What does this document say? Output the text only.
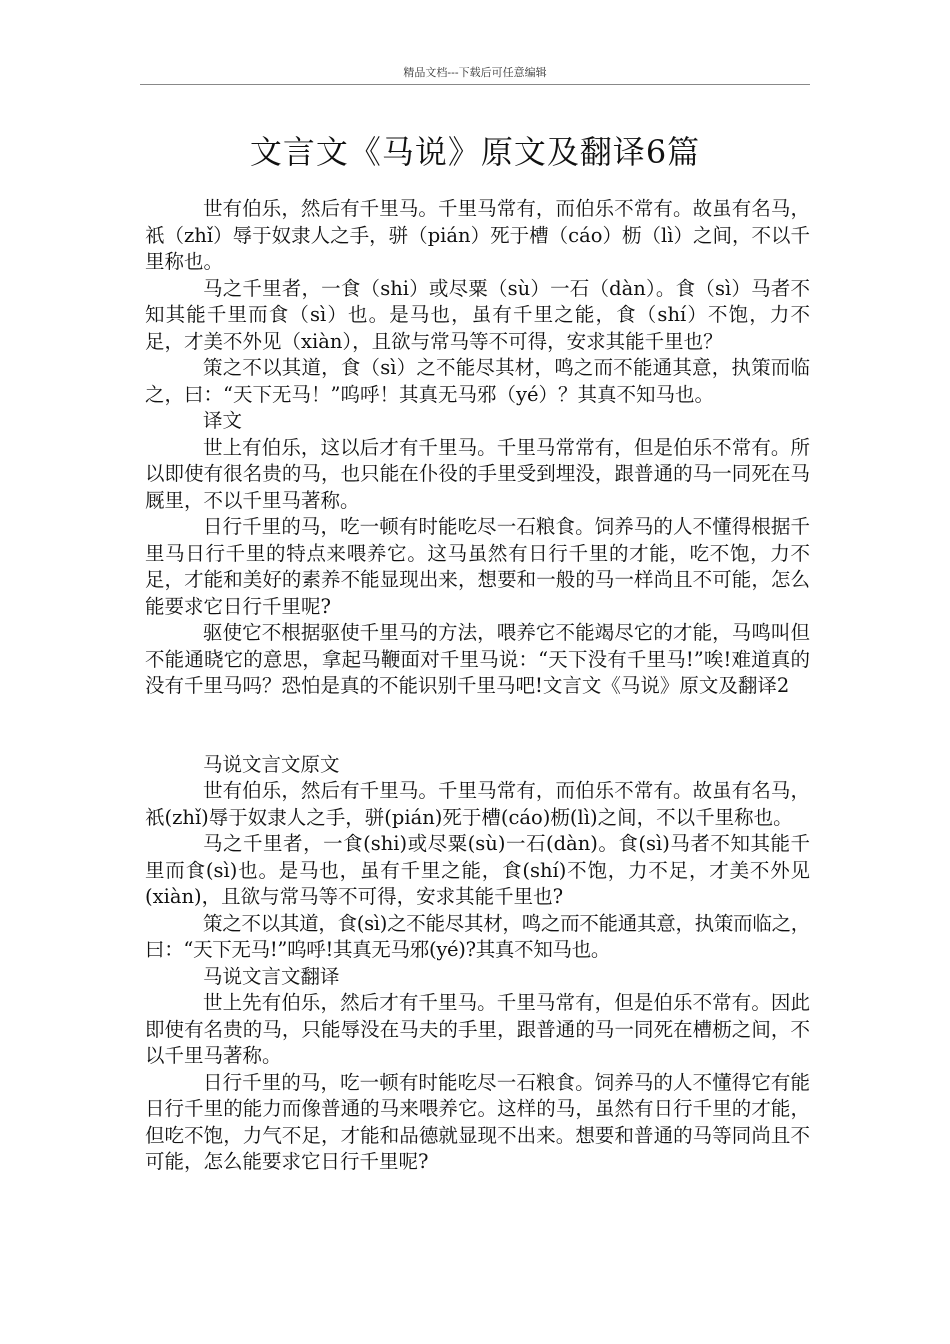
精品文档---下载后可任意编辑
文言文《马说》原文及翻译6篇

世有伯乐，然后有千里马。千里马常有，而伯乐不常有。故虽有名马，祇（zhǐ）辱于奴隶人之手，骈（pián）死于槽（cáo）枥（lì）之间，不以千里称也。

马之千里者，一食（shi）或尽粟（sù）一石（dàn）。食（sì）马者不知其能千里而食（sì）也。是马也，虽有千里之能，食（shí）不饱，力不足，才美不外见（xiàn），且欲与常马等不可得，安求其能千里也？

策之不以其道，食（sì）之不能尽其材，鸣之而不能通其意，执策而临之，曰：“天下无马！”呜呼！其真无马邪（yé）？其真不知马也。

译文

世上有伯乐，这以后才有千里马。千里马常常有，但是伯乐不常有。所以即使有很名贵的马，也只能在仆役的手里受到埋没，跟普通的马一同死在马厩里，不以千里马著称。

日行千里的马，吃一顿有时能吃尽一石粮食。饲养马的人不懂得根据千里马日行千里的特点来喂养它。这马虽然有日行千里的才能，吃不饱，力不足，才能和美好的素养不能显现出来，想要和一般的马一样尚且不可能，怎么能要求它日行千里呢?

驱使它不根据驱使千里马的方法，喂养它不能竭尽它的才能，马鸣叫但不能通晓它的意思，拿起马鞭面对千里马说：“天下没有千里马!”唉!难道真的没有千里马吗？恐怕是真的不能识别千里马吧!文言文《马说》原文及翻译2

马说文言文原文

世有伯乐，然后有千里马。千里马常有，而伯乐不常有。故虽有名马，祇(zhǐ)辱于奴隶人之手，骈(pián)死于槽(cáo)枥(lì)之间，不以千里称也。

马之千里者，一食(shi)或尽粟(sù)一石(dàn)。食(sì)马者不知其能千里而食(sì)也。是马也，虽有千里之能，食(shí)不饱，力不足，才美不外见(xiàn)，且欲与常马等不可得，安求其能千里也?

策之不以其道，食(sì)之不能尽其材，鸣之而不能通其意，执策而临之，曰：“天下无马!”呜呼!其真无马邪(yé)?其真不知马也。

马说文言文翻译

世上先有伯乐，然后才有千里马。千里马常有，但是伯乐不常有。因此即使有名贵的马，只能辱没在马夫的手里，跟普通的马一同死在槽枥之间，不以千里马著称。

日行千里的马，吃一顿有时能吃尽一石粮食。饲养马的人不懂得它有能日行千里的能力而像普通的马来喂养它。这样的马，虽然有日行千里的才能，但吃不饱，力气不足，才能和品德就显现不出来。想要和普通的马等同尚且不可能，怎么能要求它日行千里呢?
